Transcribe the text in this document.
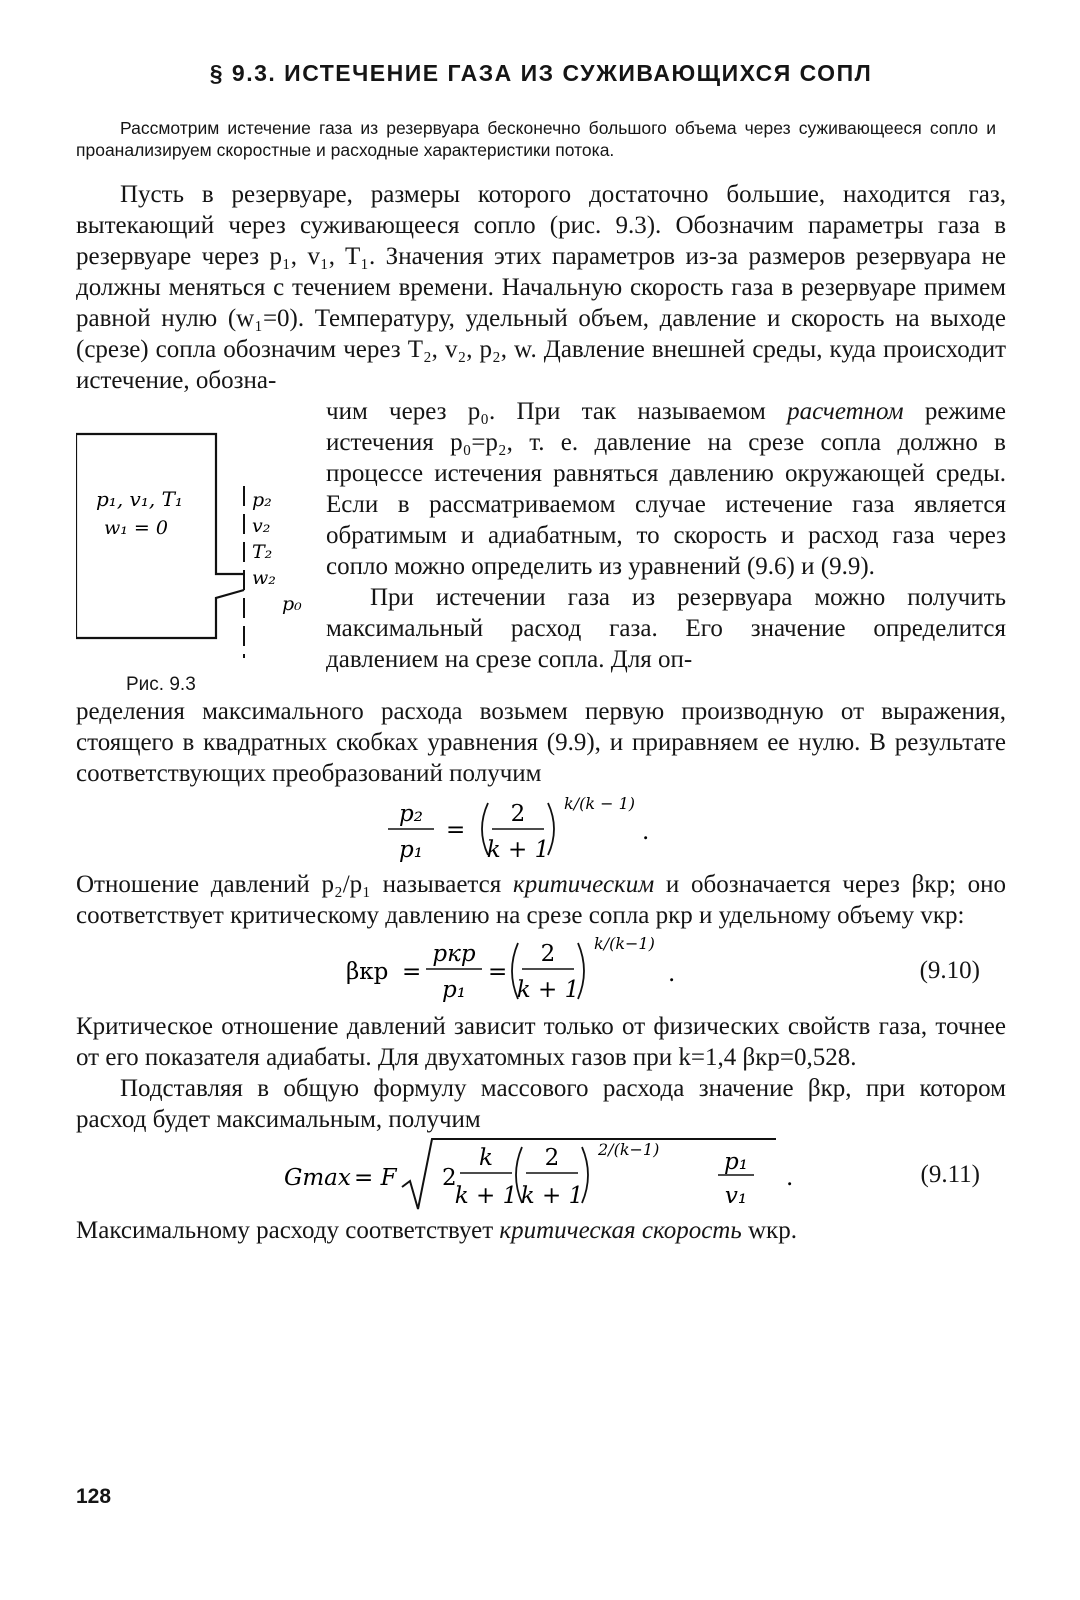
§ 9.3. ИСТЕЧЕНИЕ ГАЗА ИЗ СУЖИВАЮЩИХСЯ СОПЛ

Рассмотрим истечение газа из резервуара бесконечно большого объема через суживающееся сопло и проанализируем скоростные и расходные характеристики потока.

Пусть в резервуаре, размеры которого достаточно большие, находится газ, вытекающий через суживающееся сопло (рис. 9.3). Обозначим параметры газа в резервуаре через p₁, v₁, T₁. Значения этих параметров из-за размеров резервуара не должны меняться с течением времени. Начальную скорость газа в резервуаре примем равной нулю (w₁=0). Температуру, удельный объем, давление и скорость на выходе (срезе) сопла обозначим через T₂, v₂, p₂, w. Давление внешней среды, куда происходит истечение, обозна-

p₁, v₁, T₁
w₁ = 0
p₂
v₂
T₂
w₂
p₀
Рис. 9.3

чим через p₀. При так называемом расчетном режиме истечения p₀=p₂, т. е. давление на срезе сопла должно в процессе истечения равняться давлению окружающей среды. Если в рассматриваемом случае истечение газа является обратимым и адиабатным, то скорость и расход газа через сопло можно определить из уравнений (9.6) и (9.9).

При истечении газа из резервуара можно получить максимальный расход газа. Его значение определится давлением на срезе сопла. Для оп-

ределения максимального расхода возьмем первую производную от выражения, стоящего в квадратных скобках уравнения (9.9), и приравняем ее нулю. В результате соответствующих преобразований получим

p₂
p₁
=
2
k + 1
k/(k − 1)
.

Отношение давлений p₂/p₁ называется критическим и обозначается через βкр; оно соответствует критическому давлению на срезе сопла pкр и удельному объему vкр:

βкр =
pкр
p₁
=
2
k + 1
k/(k−1)
.	(9.10)

Критическое отношение давлений зависит только от физических свойств газа, точнее от его показателя адиабаты. Для двухатомных газов при k=1,4 βкр=0,528.

Подставляя в общую формулу массового расхода значение βкр, при котором расход будет максимальным, получим

Gmax = F 2
k
k + 1
2
k + 1
2/(k−1)	p₁
v₁
.	(9.11)

Максимальному расходу соответствует критическая скорость wкр.

128
